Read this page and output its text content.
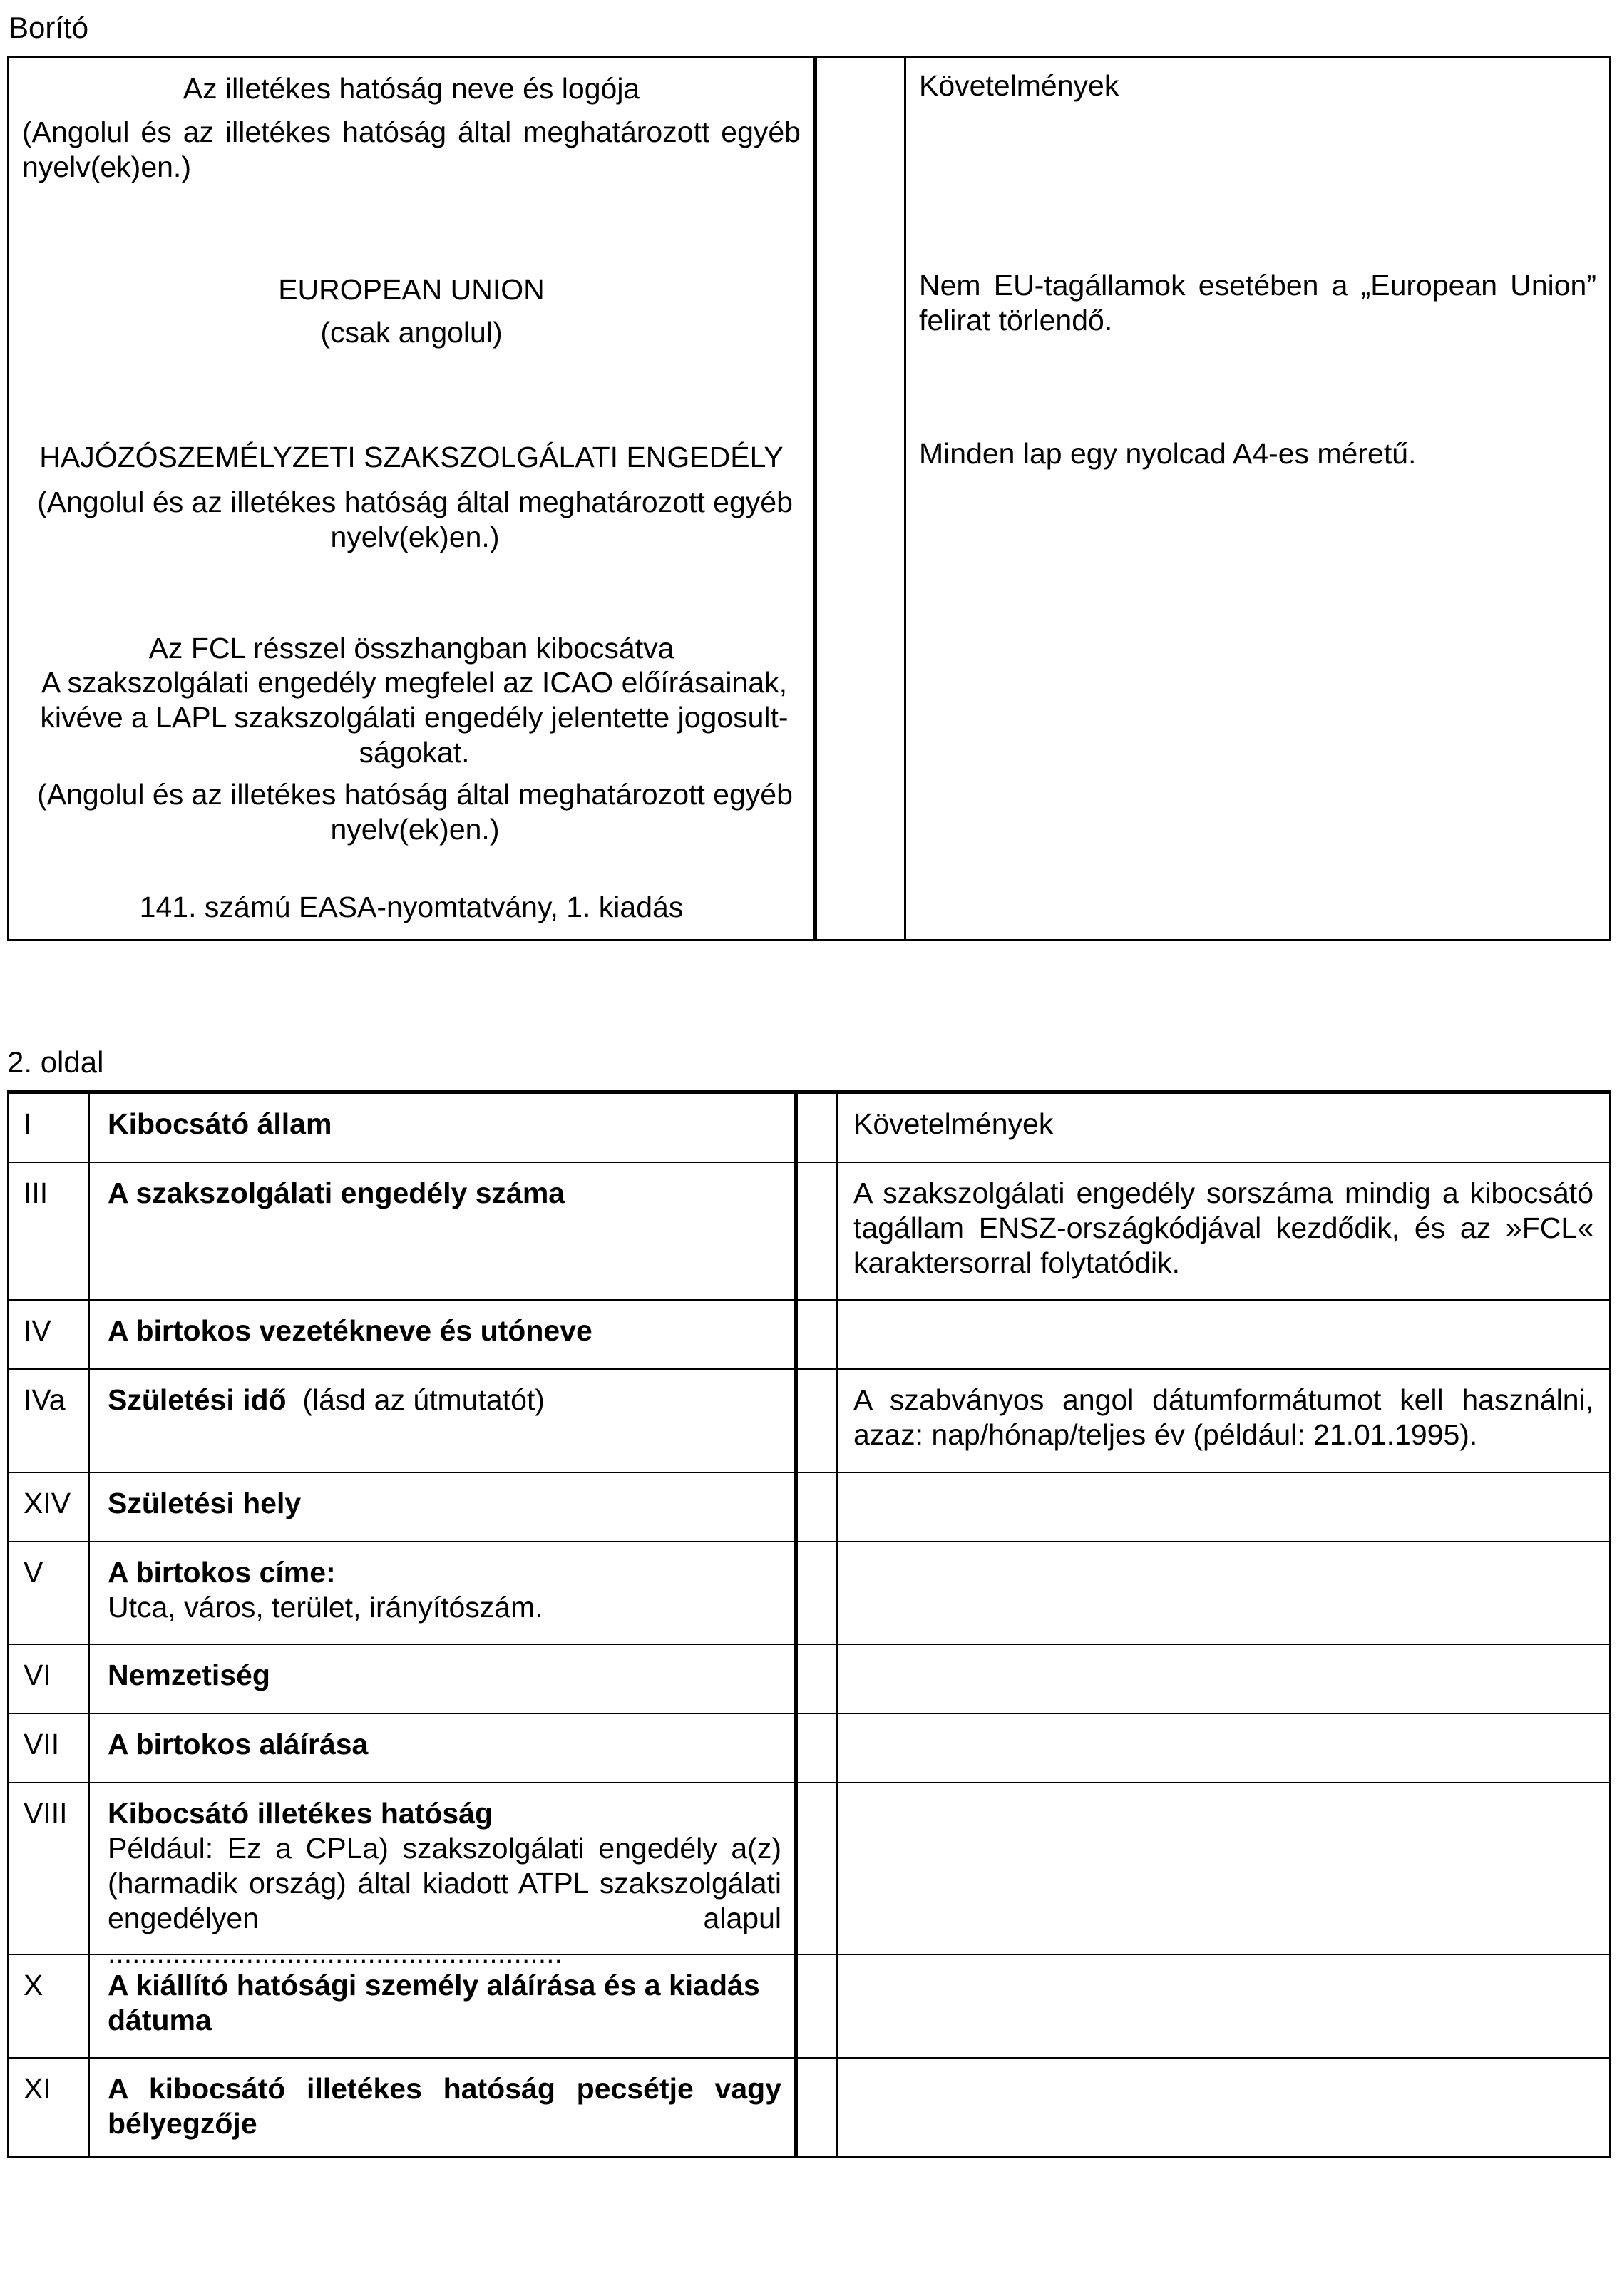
Borító
Az illetékes hatóság neve és logója
(Angolul és az illetékes hatóság által meghatározott egyéb nyelv(ek)en.)
EUROPEAN UNION
(csak angolul)
HAJÓZÓSZEMÉLYZETI SZAKSZOLGÁLATI ENGEDÉLY
(Angolul és az illetékes hatóság által meghatározott egyéb nyelv(ek)en.)
Az FCL résszel összhangban kibocsátva
A szakszolgálati engedély megfelel az ICAO előírásainak, kivéve a LAPL szakszolgálati engedély jelentette jogosult-ságokat.
(Angolul és az illetékes hatóság által meghatározott egyéb nyelv(ek)en.)
141. számú EASA-nyomtatvány, 1. kiadás
Követelmények
Nem EU-tagállamok esetében a „European Union” felirat törlendő.
Minden lap egy nyolcad A4-es méretű.
2. oldal
I	Kibocsátó állam	Követelmények
III A szakszolgálati engedély száma	A szakszolgálati engedély sorszáma mindig a kibocsátó tagállam ENSZ-országkódjával kezdődik, és az »FCL« karaktersorral folytatódik.
IV A birtokos vezetékneve és utóneve
IVa Születési idő (lásd az útmutatót)	A szabványos angol dátumformátumot kell használni, azaz: nap/hónap/teljes év (például: 21.01.1995).
XIV Születési hely
V A birtokos címe:
Utca, város, terület, irányítószám.
VI Nemzetiség
VII A birtokos aláírása
VIII Kibocsátó illetékes hatóság
Például: Ez a CPLa) szakszolgálati engedély a(z) (harmadik ország) által kiadott ATPL szakszolgálati engedélyen alapul ........................................................
X A kiállító hatósági személy aláírása és a kiadás dátuma
XI A kibocsátó illetékes hatóság pecsétje vagy bélyegzője
